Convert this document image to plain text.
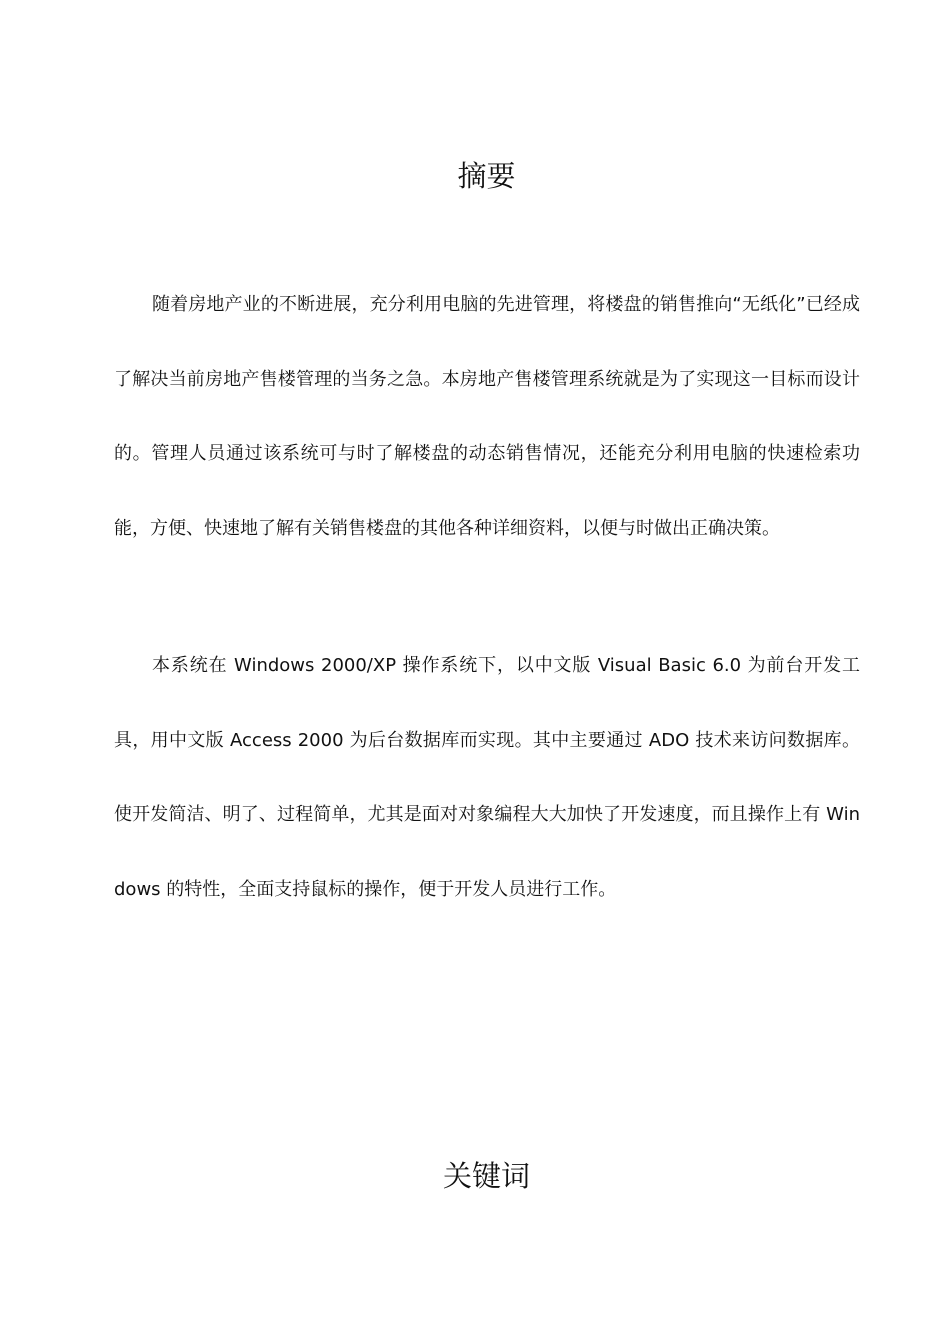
摘要

随着房地产业的不断进展，充分利用电脑的先进管理，将楼盘的销售推向“无纸化”已经成了解决当前房地产售楼管理的当务之急。本房地产售楼管理系统就是为了实现这一目标而设计的。管理人员通过该系统可与时了解楼盘的动态销售情况，还能充分利用电脑的快速检索功能，方便、快速地了解有关销售楼盘的其他各种详细资料，以便与时做出正确决策。

本系统在 Windows 2000/XP 操作系统下，以中文版 Visual Basic 6.0 为前台开发工具，用中文版 Access 2000 为后台数据库而实现。其中主要通过 ADO 技术来访问数据库。使开发简洁、明了、过程简单，尤其是面对对象编程大大加快了开发速度，而且操作上有 Windows 的特性，全面支持鼠标的操作，便于开发人员进行工作。

关键词
